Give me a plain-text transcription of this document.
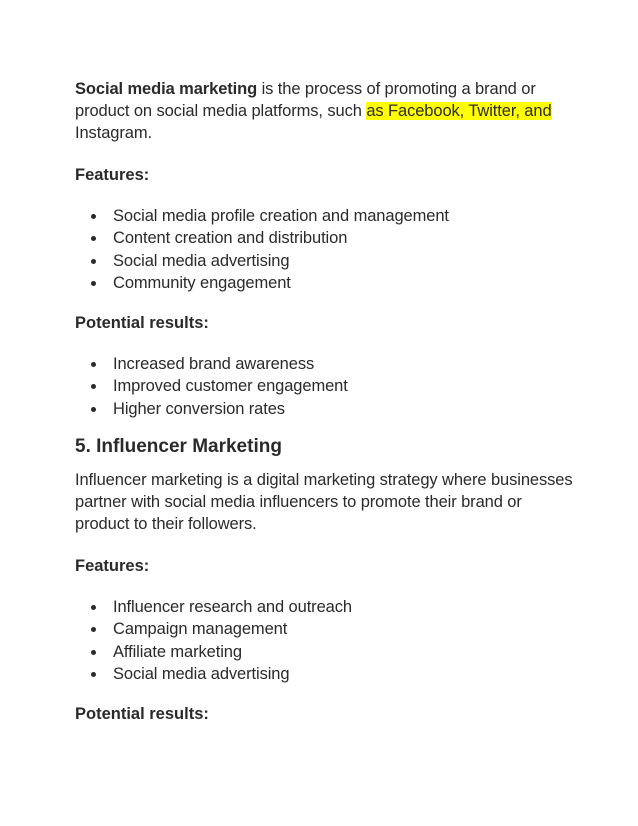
Social media marketing is the process of promoting a brand or product on social media platforms, such as Facebook, Twitter, and Instagram.

Features:

Social media profile creation and management
Content creation and distribution
Social media advertising
Community engagement

Potential results:

Increased brand awareness
Improved customer engagement
Higher conversion rates

5. Influencer Marketing

Influencer marketing is a digital marketing strategy where businesses partner with social media influencers to promote their brand or product to their followers.

Features:

Influencer research and outreach
Campaign management
Affiliate marketing
Social media advertising

Potential results:
